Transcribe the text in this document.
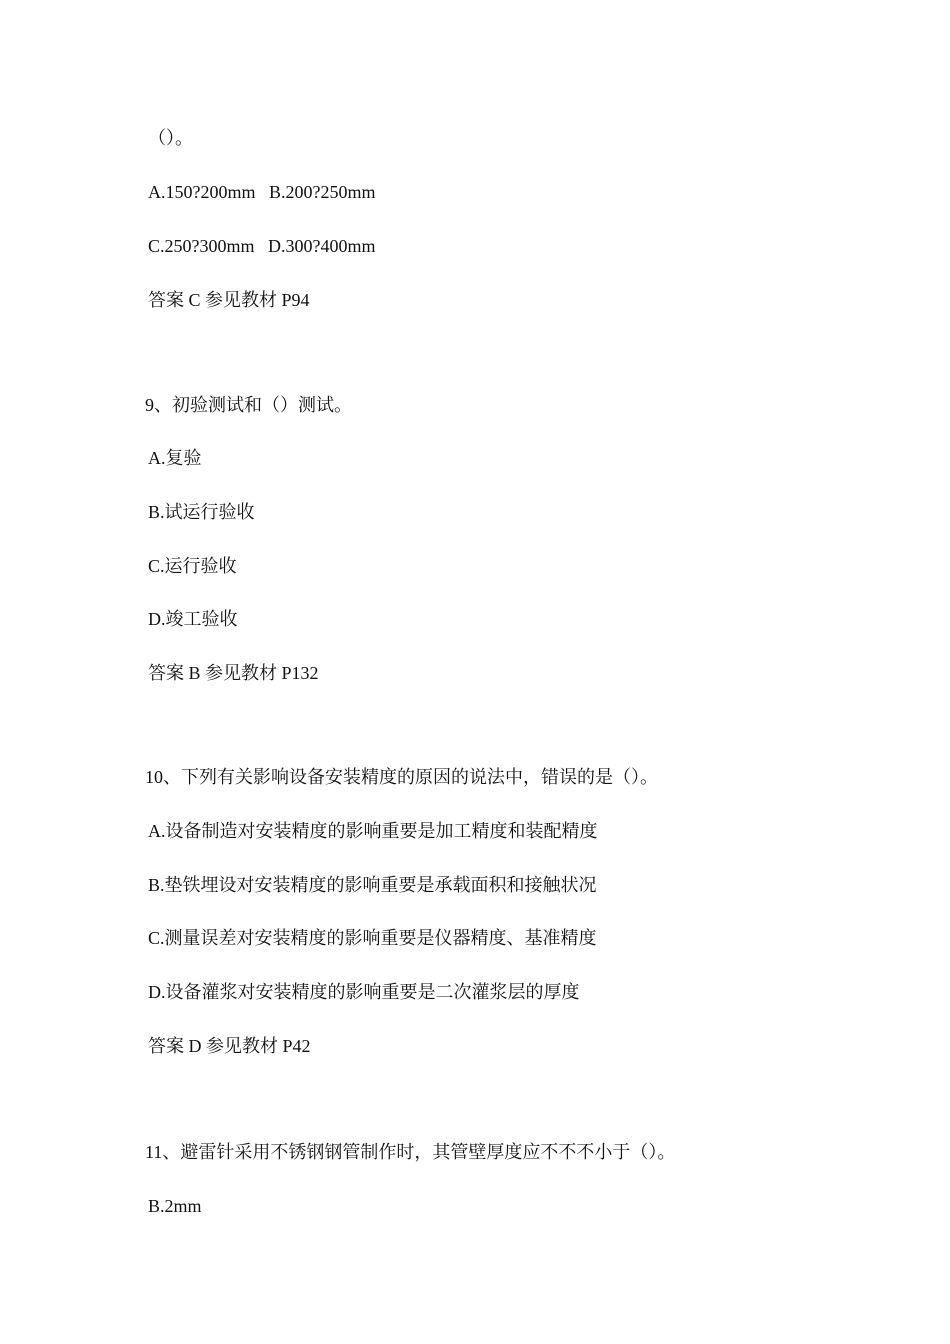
（）。
A.150?200mm   B.200?250mm
C.250?300mm   D.300?400mm
答案 C 参见教材 P94
9、初验测试和（）测试。
A.复验
B.试运行验收
C.运行验收
D.竣工验收
答案 B 参见教材 P132
10、下列有关影响设备安装精度的原因的说法中，错误的是（）。
A.设备制造对安装精度的影响重要是加工精度和装配精度
B.垫铁埋设对安装精度的影响重要是承载面积和接触状况
C.测量误差对安装精度的影响重要是仪器精度、基准精度
D.设备灌浆对安装精度的影响重要是二次灌浆层的厚度
答案 D 参见教材 P42
11、避雷针采用不锈钢钢管制作时，其管壁厚度应不不不小于（）。
B.2mm
